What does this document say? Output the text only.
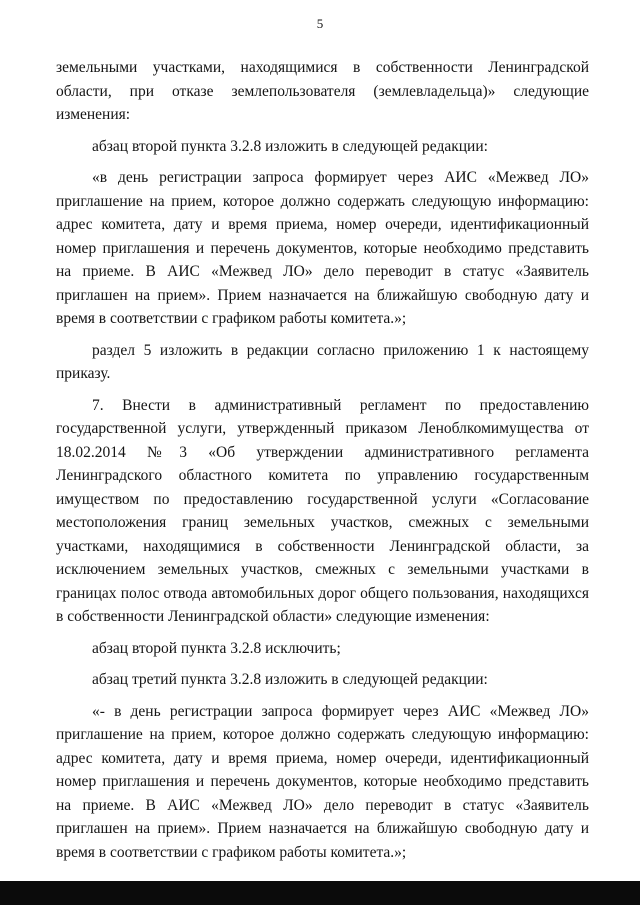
5

земельными участками, находящимися в собственности Ленинградской области, при отказе землепользователя (землевладельца)» следующие изменения:

абзац второй пункта 3.2.8 изложить в следующей редакции:

«в день регистрации запроса формирует через АИС «Межвед ЛО» приглашение на прием, которое должно содержать следующую информацию: адрес комитета, дату и время приема, номер очереди, идентификационный номер приглашения и перечень документов, которые необходимо представить на приеме. В АИС «Межвед ЛО» дело переводит в статус «Заявитель приглашен на прием». Прием назначается на ближайшую свободную дату и время в соответствии с графиком работы комитета.»;

раздел 5 изложить в редакции согласно приложению 1 к настоящему приказу.

7. Внести в административный регламент по предоставлению государственной услуги, утвержденный приказом Леноблкомимущества от 18.02.2014 №3 «Об утверждении административного регламента Ленинградского областного комитета по управлению государственным имуществом по предоставлению государственной услуги «Согласование местоположения границ земельных участков, смежных с земельными участками, находящимися в собственности Ленинградской области, за исключением земельных участков, смежных с земельными участками в границах полос отвода автомобильных дорог общего пользования, находящихся в собственности Ленинградской области» следующие изменения:

абзац второй пункта 3.2.8 исключить;

абзац третий пункта 3.2.8 изложить в следующей редакции:

«- в день регистрации запроса формирует через АИС «Межвед ЛО» приглашение на прием, которое должно содержать следующую информацию: адрес комитета, дату и время приема, номер очереди, идентификационный номер приглашения и перечень документов, которые необходимо представить на приеме. В АИС «Межвед ЛО» дело переводит в статус «Заявитель приглашен на прием». Прием назначается на ближайшую свободную дату и время в соответствии с графиком работы комитета.»;
